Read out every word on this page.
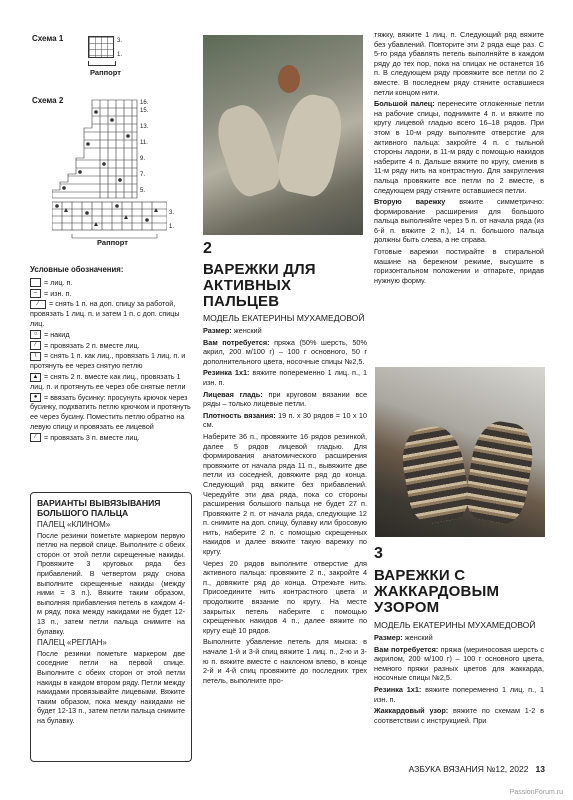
Схема 1	3.
1.
Раппорт
Схема 2	16.
15.
13.
11.
9.
7.
5.
3.
1.
Раппорт
Условные обозначения:
= лиц. п.
– = изн. п.
⁄ = снять 1 п. на доп. спицу за работой, провязать 1 лиц. п. и затем 1 п. с доп. спицы лиц.
○ = накид
⁄ = провязать 2 п. вместе лиц.
\ = снять 1 п. как лиц., провязать 1 лиц. п. и протянуть ее через снятую петлю
▲ = снять 2 п. вместе как лиц., провязать 1 лиц. п. и протянуть ее через обе снятые петли
● = ввязать бусинку: просунуть крючок через бусинку, подхватить петлю крючком и протянуть ее через бусину. Поместить петлю обратно на левую спицу и провязать ее лицевой
⁄ = провязать 3 п. вместе лиц.
ВАРИАНТЫ ВЫВЯЗЫВАНИЯ БОЛЬШОГО ПАЛЬЦА
ПАЛЕЦ «КЛИНОМ»

После резинки пометьте маркером первую петлю на первой спице. Выполните с обеих сторон от этой петли скрещенные накиды. Провяжите 3 круговых ряда без прибавлений. В четвертом ряду снова выполните скрещенные накиды (между ними = 3 п.). Вяжите таким образом, выполняя прибавления петель в каждом 4-м ряду, пока между накидами не будет 12-13 п., затем петли пальца снимите на булавку.

ПАЛЕЦ «РЕГЛАН»

После резинки пометьте маркером две соседние петли на первой спице. Выполните с обеих сторон от этой петли накиды в каждом втором ряду. Петли между накидами провязывайте лицевыми. Вяжите таким образом, пока между накидами не будет 12-13 п., затем петли пальца снимите на булавку.

2
ВАРЕЖКИ ДЛЯ АКТИВНЫХ ПАЛЬЦЕВ
МОДЕЛЬ ЕКАТЕРИНЫ МУХАМЕДОВОЙ

Размер: женский

Вам потребуется: пряжа (50% шерсть, 50% акрил, 200 м/100 г) – 100 г основного, 50 г дополнительного цвета, носочные спицы №2,5.

Резинка 1х1: вяжите попеременно 1 лиц. п., 1 изн. п.

Лицевая гладь: при круговом вязании все ряды – только лицевые петли.

Плотность вязания: 19 п. х 30 рядов = 10 х 10 см.

Наберите 36 п., провяжите 16 рядов резинкой, далее 5 рядов лицевой гладью. Для формирования анатомического расширения провяжите от начала ряда 11 п., вывяжите две петли из соседней, довяжите ряд до конца. Следующий ряд вяжите без прибавлений. Чередуйте эти два ряда, пока со стороны расширения большого пальца не будет 27 п. Провяжите 2 п. от начала ряда, следующие 12 п. снимите на доп. спицу, булавку или бросовую нить, наберите 2 п. с помощью скрещенных накидов и далее вяжите такую варежку по кругу.

Через 20 рядов выполните отверстие для активного пальца: провяжите 2 п., закройте 4 п., довяжите ряд до конца. Отрежьте нить. Присоедините нить контрастного цвета и продолжите вязание по кругу. На месте закрытых петель наберите с помощью скрещенных накидов 4 п., далее вяжите по кругу ещё 10 рядов.

Выполните убавление петель для мыска: в начале 1-й и 3-й спиц вяжите 1 лиц. п., 2-ю и 3-ю п. вяжите вместе с наклоном влево, в конце 2-й и 4-й спиц провяжите до последних трех петель, выполните про-

тяжку, вяжите 1 лиц. п. Следующий ряд вяжите без убавлений. Повторите эти 2 ряда еще раз. С 5-го ряда убавлять петель выполняйте в каждом ряду до тех пор, пока на спицах не останется 16 п. В следующем ряду провяжите все петли по 2 вместе. В последнем ряду стяните оставшиеся петли концом нити.

Большой палец: перенесите отложенные петли на рабочие спицы, поднимите 4 п. и вяжите по кругу лицевой гладью всего 16–18 рядов. При этом в 10-м ряду выполните отверстие для активного пальца: закройте 4 п. с тыльной стороны ладони, в 11-м ряду с помощью накидов наберите 4 п. Дальше вяжите по кругу, сменив в 11-м ряду нить на контрастную. Для закругления пальца провяжите все петли по 2 вместе, в следующем ряду стяните оставшиеся петли.

Вторую варежку вяжите симметрично: формирование расширения для большого пальца выполняйте через 5 п. от начала ряда (из 6-й п. вяжите 2 п.), 14 п. большого пальца должны быть слева, а не справа.

Готовые варежки постирайте в стиральной машине на бережном режиме, высушите в горизонтальном положении и отпарьте, придав нужную форму.

3
ВАРЕЖКИ С ЖАККАРДОВЫМ УЗОРОМ
МОДЕЛЬ ЕКАТЕРИНЫ МУХАМЕДОВОЙ

Размер: женский

Вам потребуется: пряжа (мериносовая шерсть с акрилом, 200 м/100 г) – 100 г основного цвета, немного пряжи разных цветов для жаккарда, носочные спицы №2,5.

Резинка 1х1: вяжите попеременно 1 лиц. п., 1 изн. п.

Жаккардовый узор: вяжите по схемам 1-2 в соответствии с инструкцией. При

АЗБУКА ВЯЗАНИЯ №12, 2022 13
PassionForum.ru
